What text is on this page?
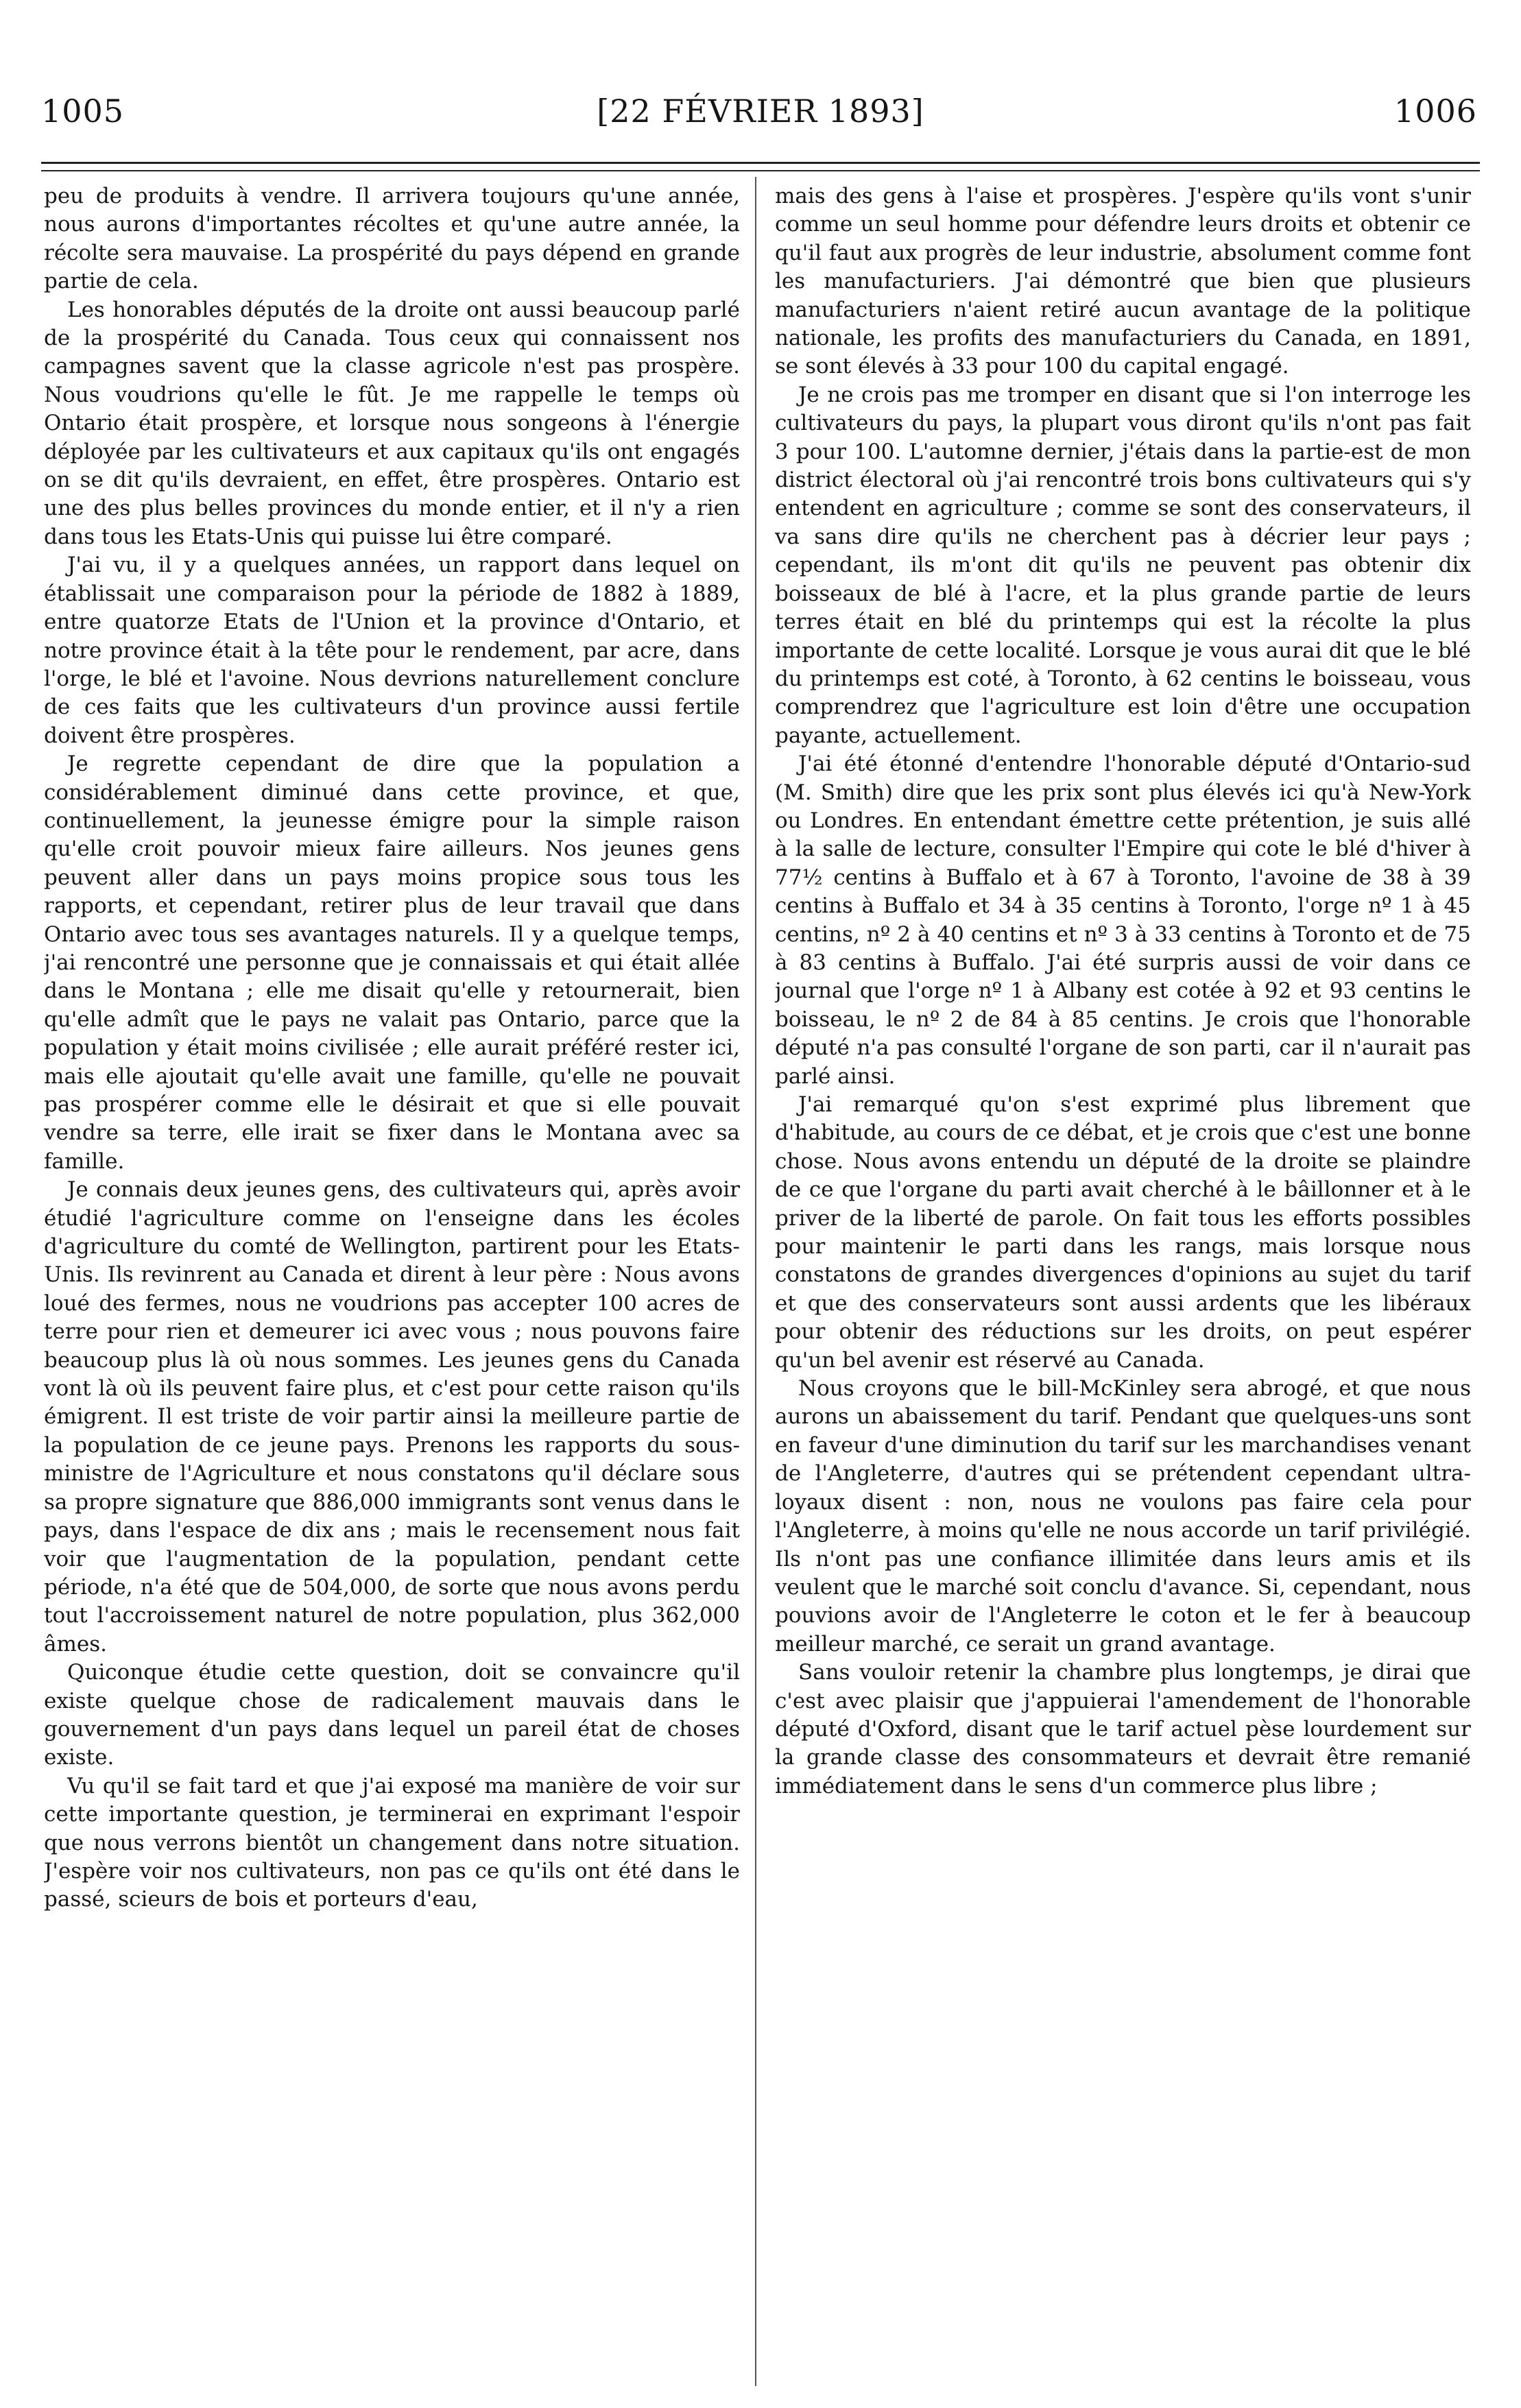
1005	[22 FÉVRIER 1893]	1006

peu de produits à vendre. Il arrivera toujours qu'une année, nous aurons d'importantes récoltes et qu'une autre année, la récolte sera mauvaise. La prospérité du pays dépend en grande partie de cela.

Les honorables députés de la droite ont aussi beaucoup parlé de la prospérité du Canada. Tous ceux qui connaissent nos campagnes savent que la classe agricole n'est pas prospère. Nous voudrions qu'elle le fût. Je me rappelle le temps où Ontario était prospère, et lorsque nous songeons à l'énergie déployée par les cultivateurs et aux capitaux qu'ils ont engagés on se dit qu'ils devraient, en effet, être prospères. Ontario est une des plus belles provinces du monde entier, et il n'y a rien dans tous les Etats-Unis qui puisse lui être comparé.

J'ai vu, il y a quelques années, un rapport dans lequel on établissait une comparaison pour la période de 1882 à 1889, entre quatorze Etats de l'Union et la province d'Ontario, et notre province était à la tête pour le rendement, par acre, dans l'orge, le blé et l'avoine. Nous devrions naturellement conclure de ces faits que les cultivateurs d'un province aussi fertile doivent être prospères.

Je regrette cependant de dire que la population a considérablement diminué dans cette province, et que, continuellement, la jeunesse émigre pour la simple raison qu'elle croit pouvoir mieux faire ailleurs. Nos jeunes gens peuvent aller dans un pays moins propice sous tous les rapports, et cependant, retirer plus de leur travail que dans Ontario avec tous ses avantages naturels. Il y a quelque temps, j'ai rencontré une personne que je connaissais et qui était allée dans le Montana ; elle me disait qu'elle y retournerait, bien qu'elle admît que le pays ne valait pas Ontario, parce que la population y était moins civilisée ; elle aurait préféré rester ici, mais elle ajoutait qu'elle avait une famille, qu'elle ne pouvait pas prospérer comme elle le désirait et que si elle pouvait vendre sa terre, elle irait se fixer dans le Montana avec sa famille.

Je connais deux jeunes gens, des cultivateurs qui, après avoir étudié l'agriculture comme on l'enseigne dans les écoles d'agriculture du comté de Wellington, partirent pour les Etats-Unis. Ils revinrent au Canada et dirent à leur père : Nous avons loué des fermes, nous ne voudrions pas accepter 100 acres de terre pour rien et demeurer ici avec vous ; nous pouvons faire beaucoup plus là où nous sommes. Les jeunes gens du Canada vont là où ils peuvent faire plus, et c'est pour cette raison qu'ils émigrent. Il est triste de voir partir ainsi la meilleure partie de la population de ce jeune pays. Prenons les rapports du sous-ministre de l'Agriculture et nous constatons qu'il déclare sous sa propre signature que 886,000 immigrants sont venus dans le pays, dans l'espace de dix ans ; mais le recensement nous fait voir que l'augmentation de la population, pendant cette période, n'a été que de 504,000, de sorte que nous avons perdu tout l'accroissement naturel de notre population, plus 362,000 âmes.

Quiconque étudie cette question, doit se convaincre qu'il existe quelque chose de radicalement mauvais dans le gouvernement d'un pays dans lequel un pareil état de choses existe.

Vu qu'il se fait tard et que j'ai exposé ma manière de voir sur cette importante question, je terminerai en exprimant l'espoir que nous verrons bientôt un changement dans notre situation. J'espère voir nos cultivateurs, non pas ce qu'ils ont été dans le passé, scieurs de bois et porteurs d'eau,

mais des gens à l'aise et prospères. J'espère qu'ils vont s'unir comme un seul homme pour défendre leurs droits et obtenir ce qu'il faut aux progrès de leur industrie, absolument comme font les manufacturiers. J'ai démontré que bien que plusieurs manufacturiers n'aient retiré aucun avantage de la politique nationale, les profits des manufacturiers du Canada, en 1891, se sont élevés à 33 pour 100 du capital engagé.

Je ne crois pas me tromper en disant que si l'on interroge les cultivateurs du pays, la plupart vous diront qu'ils n'ont pas fait 3 pour 100. L'automne dernier, j'étais dans la partie-est de mon district électoral où j'ai rencontré trois bons cultivateurs qui s'y entendent en agriculture ; comme se sont des conservateurs, il va sans dire qu'ils ne cherchent pas à décrier leur pays ; cependant, ils m'ont dit qu'ils ne peuvent pas obtenir dix boisseaux de blé à l'acre, et la plus grande partie de leurs terres était en blé du printemps qui est la récolte la plus importante de cette localité. Lorsque je vous aurai dit que le blé du printemps est coté, à Toronto, à 62 centins le boisseau, vous comprendrez que l'agriculture est loin d'être une occupation payante, actuellement.

J'ai été étonné d'entendre l'honorable député d'Ontario-sud (M. Smith) dire que les prix sont plus élevés ici qu'à New-York ou Londres. En entendant émettre cette prétention, je suis allé à la salle de lecture, consulter l'Empire qui cote le blé d'hiver à 77½ centins à Buffalo et à 67 à Toronto, l'avoine de 38 à 39 centins à Buffalo et 34 à 35 centins à Toronto, l'orge nº 1 à 45 centins, nº 2 à 40 centins et nº 3 à 33 centins à Toronto et de 75 à 83 centins à Buffalo. J'ai été surpris aussi de voir dans ce journal que l'orge nº 1 à Albany est cotée à 92 et 93 centins le boisseau, le nº 2 de 84 à 85 centins. Je crois que l'honorable député n'a pas consulté l'organe de son parti, car il n'aurait pas parlé ainsi.

J'ai remarqué qu'on s'est exprimé plus librement que d'habitude, au cours de ce débat, et je crois que c'est une bonne chose. Nous avons entendu un député de la droite se plaindre de ce que l'organe du parti avait cherché à le bâillonner et à le priver de la liberté de parole. On fait tous les efforts possibles pour maintenir le parti dans les rangs, mais lorsque nous constatons de grandes divergences d'opinions au sujet du tarif et que des conservateurs sont aussi ardents que les libéraux pour obtenir des réductions sur les droits, on peut espérer qu'un bel avenir est réservé au Canada.

Nous croyons que le bill-McKinley sera abrogé, et que nous aurons un abaissement du tarif. Pendant que quelques-uns sont en faveur d'une diminution du tarif sur les marchandises venant de l'Angleterre, d'autres qui se prétendent cependant ultra-loyaux disent : non, nous ne voulons pas faire cela pour l'Angleterre, à moins qu'elle ne nous accorde un tarif privilégié. Ils n'ont pas une confiance illimitée dans leurs amis et ils veulent que le marché soit conclu d'avance. Si, cependant, nous pouvions avoir de l'Angleterre le coton et le fer à beaucoup meilleur marché, ce serait un grand avantage.

Sans vouloir retenir la chambre plus longtemps, je dirai que c'est avec plaisir que j'appuierai l'amendement de l'honorable député d'Oxford, disant que le tarif actuel pèse lourdement sur la grande classe des consommateurs et devrait être remanié immédiatement dans le sens d'un commerce plus libre ;
